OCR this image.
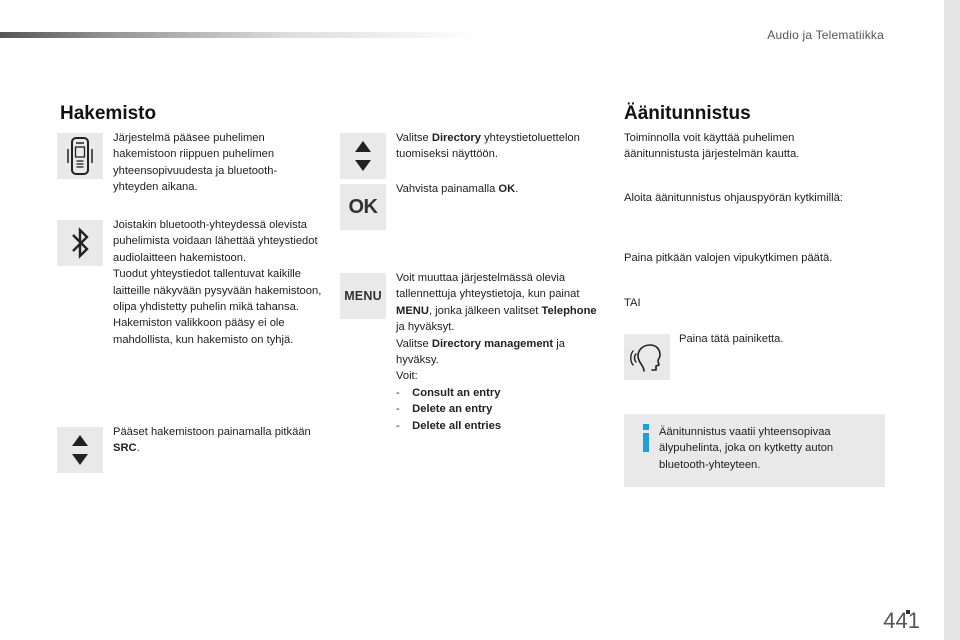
Audio ja Telematiikka
Hakemisto
Järjestelmä pääsee puhelimen hakemistoon riippuen puhelimen yhteensopivuudesta ja bluetooth-yhteyden aikana.
Joistakin bluetooth-yhteydessä olevista puhelimista voidaan lähettää yhteystiedot audiolaitteen hakemistoon.
Tuodut yhteystiedot tallentuvat kaikille laitteille näkyvään pysyvään hakemistoon, olipa yhdistetty puhelin mikä tahansa.
Hakemiston valikkoon pääsy ei ole mahdollista, kun hakemisto on tyhjä.
Pääset hakemistoon painamalla pitkään SRC.
Valitse Directory yhteystietoluettelon tuomiseksi näyttöön.
OK
Vahvista painamalla OK.
MENU
Voit muuttaa järjestelmässä olevia tallennettuja yhteystietoja, kun painat MENU, jonka jälkeen valitset Telephone ja hyväksyt.
Valitse Directory management ja hyväksy.
Voit:
- Consult an entry
- Delete an entry
- Delete all entries
Äänitunnistus
Toiminnolla voit käyttää puhelimen äänitunnistusta järjestelmän kautta.
Aloita äänitunnistus ohjauspyörän kytkimillä:
Paina pitkään valojen vipukytkimen päätä.
TAI
Paina tätä painiketta.
Äänitunnistus vaatii yhteensopivaa älypuhelinta, joka on kytketty auton bluetooth-yhteyteen.
441
